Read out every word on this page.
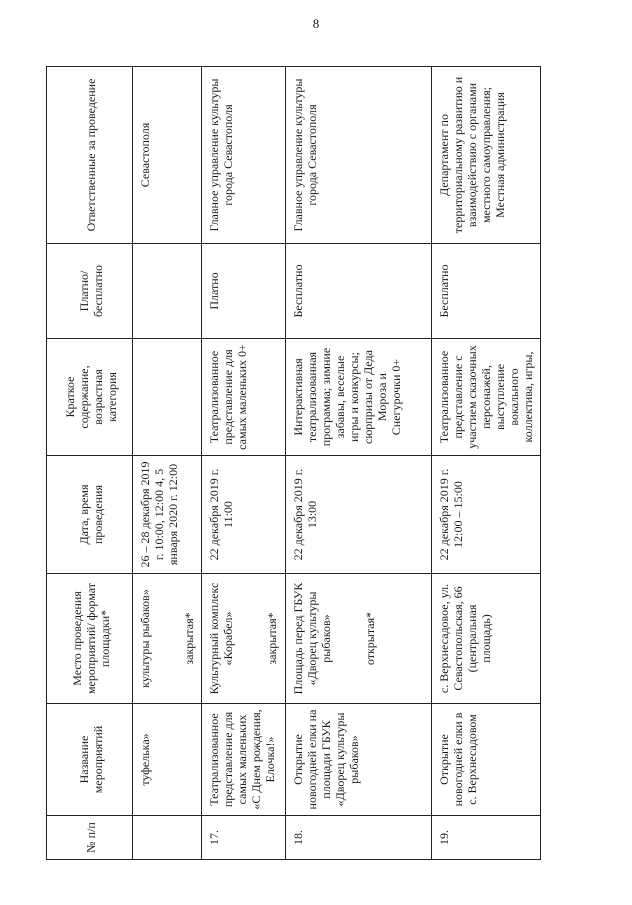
8
№ п/п	Название мероприятий	Место проведения мероприятий/ формат площадки*	Дата, время проведения	Краткое содержание, возрастная категория	Платно/ бесплатно	Ответственные за проведение
	туфелька»	культуры рыбаков» закрытая*	26 – 28 декабря 2019 г. 10:00, 12:00 4, 5 января 2020 г. 12:00			Севастополя
17.	Театрализованное представление для самых маленьких «С Днем рождения, Елочка!»	Культурный комплекс «Корабел» закрытая*	22 декабря 2019 г. 11:00	Театрализованное представление для самых маленьких 0+	Платно	Главное управление культуры города Севастополя
18.	Открытие новогодней елки на площади ГБУК «Дворец культуры рыбаков»	Площадь перед ГБУК «Дворец культуры рыбаков» открытая*	22 декабря 2019 г. 13:00	Интерактивная театрализованная программа; зимние забавы, веселые игры и конкурсы; сюрпризы от Деда Мороза и Снегурочки 0+	Бесплатно	Главное управление культуры города Севастополя
19.	Открытие новогодней елки в с. Верхнесадовом	с. Верхнесадовое, ул. Севастопольская, 66 (центральная площадь)	22 декабря 2019 г. 12:00 – 15:00	Театрализованное представление с участием сказочных персонажей, выступление вокального коллектива, игры,	Бесплатно	Департамент по территориальному развитию и взаимодействию с органами местного самоуправления; Местная администрация
